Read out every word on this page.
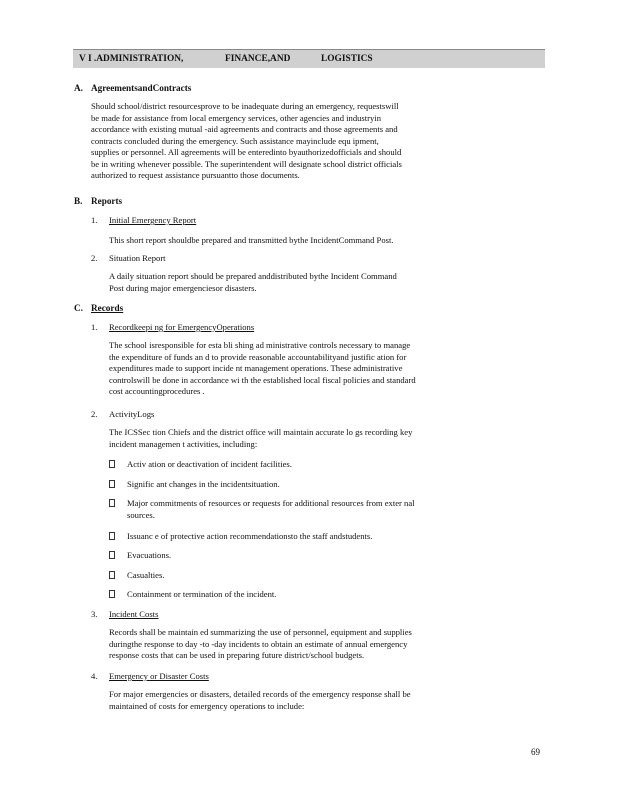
V I .ADMINISTRATION,	FINANCE,AND	LOGISTICS
A. AgreementsandContracts

Should school/district resourcesprove to be inadequate during an emergency, requestswill

be made for assistance from local emergency services, other agencies and industryin

accordance with existing mutual -aid agreements and contracts and those agreements and

contracts concluded during the emergency. Such assistance mayinclude equ ipment,

supplies or personnel. All agreements will be enteredinto byauthorizedofficials and should

be in writing whenever possible. The superintendent will designate school district officials

authorized to request assistance pursuantto those documents.

B. Reports
1. Initial Emergency Report

This short report shouldbe prepared and transmitted bythe IncidentCommand Post.

2. Situation Report

A daily situation report should be prepared anddistributed bythe Incident Command

Post during major emergenciesor disasters.

C. Records
1. Recordkeepi ng for EmergencyOperations

The school isresponsible for esta bli shing ad ministrative controls necessary to manage

the expenditure of funds an d to provide reasonable accountabilityand justific ation for

expenditures made to support incide nt management operations. These administrative

controlswill be done in accordance wi th the established local fiscal policies and standard

cost accountingprocedures .

2. ActivityLogs

The ICSSec tion Chiefs and the district office will maintain accurate lo gs recording key

incident managemen t activities, including:

Activ ation or deactivation of incident facilities.
Signific ant changes in the incidentsituation.
Major commitments of resources or requests for additional resources from exter nal
sources.
Issuanc e of protective action recommendationsto the staff andstudents.
Evacuations.
Casualties.
Containment or termination of the incident.
3. Incident Costs

Records shall be maintain ed summarizing the use of personnel, equipment and supplies

duringthe response to day -to -day incidents to obtain an estimate of annual emergency

response costs that can be used in preparing future district/school budgets.

4. Emergency or Disaster Costs

For major emergencies or disasters, detailed records of the emergency response shall be

maintained of costs for emergency operations to include:

69
